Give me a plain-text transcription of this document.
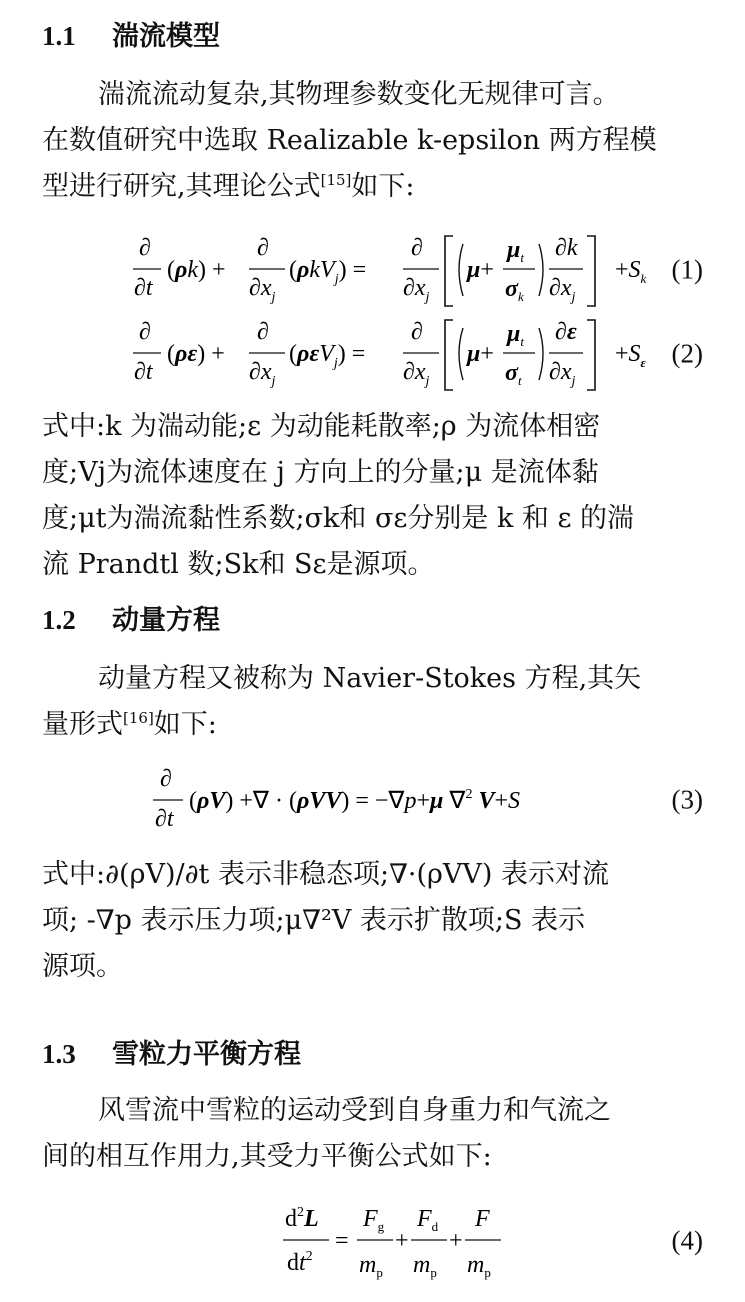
1.1 湍流模型
湍流流动复杂,其物理参数变化无规律可言。
在数值研究中选取 Realizable k-epsilon 两方程模
型进行研究,其理论公式[15]如下:
∂
∂t
(ρk) +
∂
$\partial x_j$
(ρkV$_j$) =
∂
$\partial x_j$
μ+
$\mu_t$
$\sigma_k$
∂k
$\partial x_j$
$+S_k$ (1)
∂
∂t
(ρε) +
∂
$\partial x_j$
(ρεV$_j$) =
∂
$\partial x_j$
μ+
$\mu_t$
$\sigma_t$
∂ε
$\partial x_j$
$+S_\varepsilon$ (2)
式中:k 为湍动能;ε 为动能耗散率;ρ 为流体相密
度;Vj为流体速度在 j 方向上的分量;μ 是流体黏
度;μt为湍流黏性系数;σk和 σε分别是 k 和 ε 的湍
流 Prandtl 数;Sk和 Sε是源项。
1.2 动量方程
动量方程又被称为 Navier-Stokes 方程,其矢
量形式[16]如下:
∂
∂t
(ρV) +∇ · (ρVV) = −∇p+μ ∇$^2$ V+S	(3)
式中:∂(ρV)/∂t 表示非稳态项;∇·(ρVV) 表示对流
项; -∇p 表示压力项;μ∇²V 表示扩散项;S 表示
源项。
1.3 雪粒力平衡方程
风雪流中雪粒的运动受到自身重力和气流之
间的相互作用力,其受力平衡公式如下:
$d^2L$
$dt^2$
=
$F_g$
$m_p$
+
$F_d$
$m_p$
+
F
$m_p$
(4)
